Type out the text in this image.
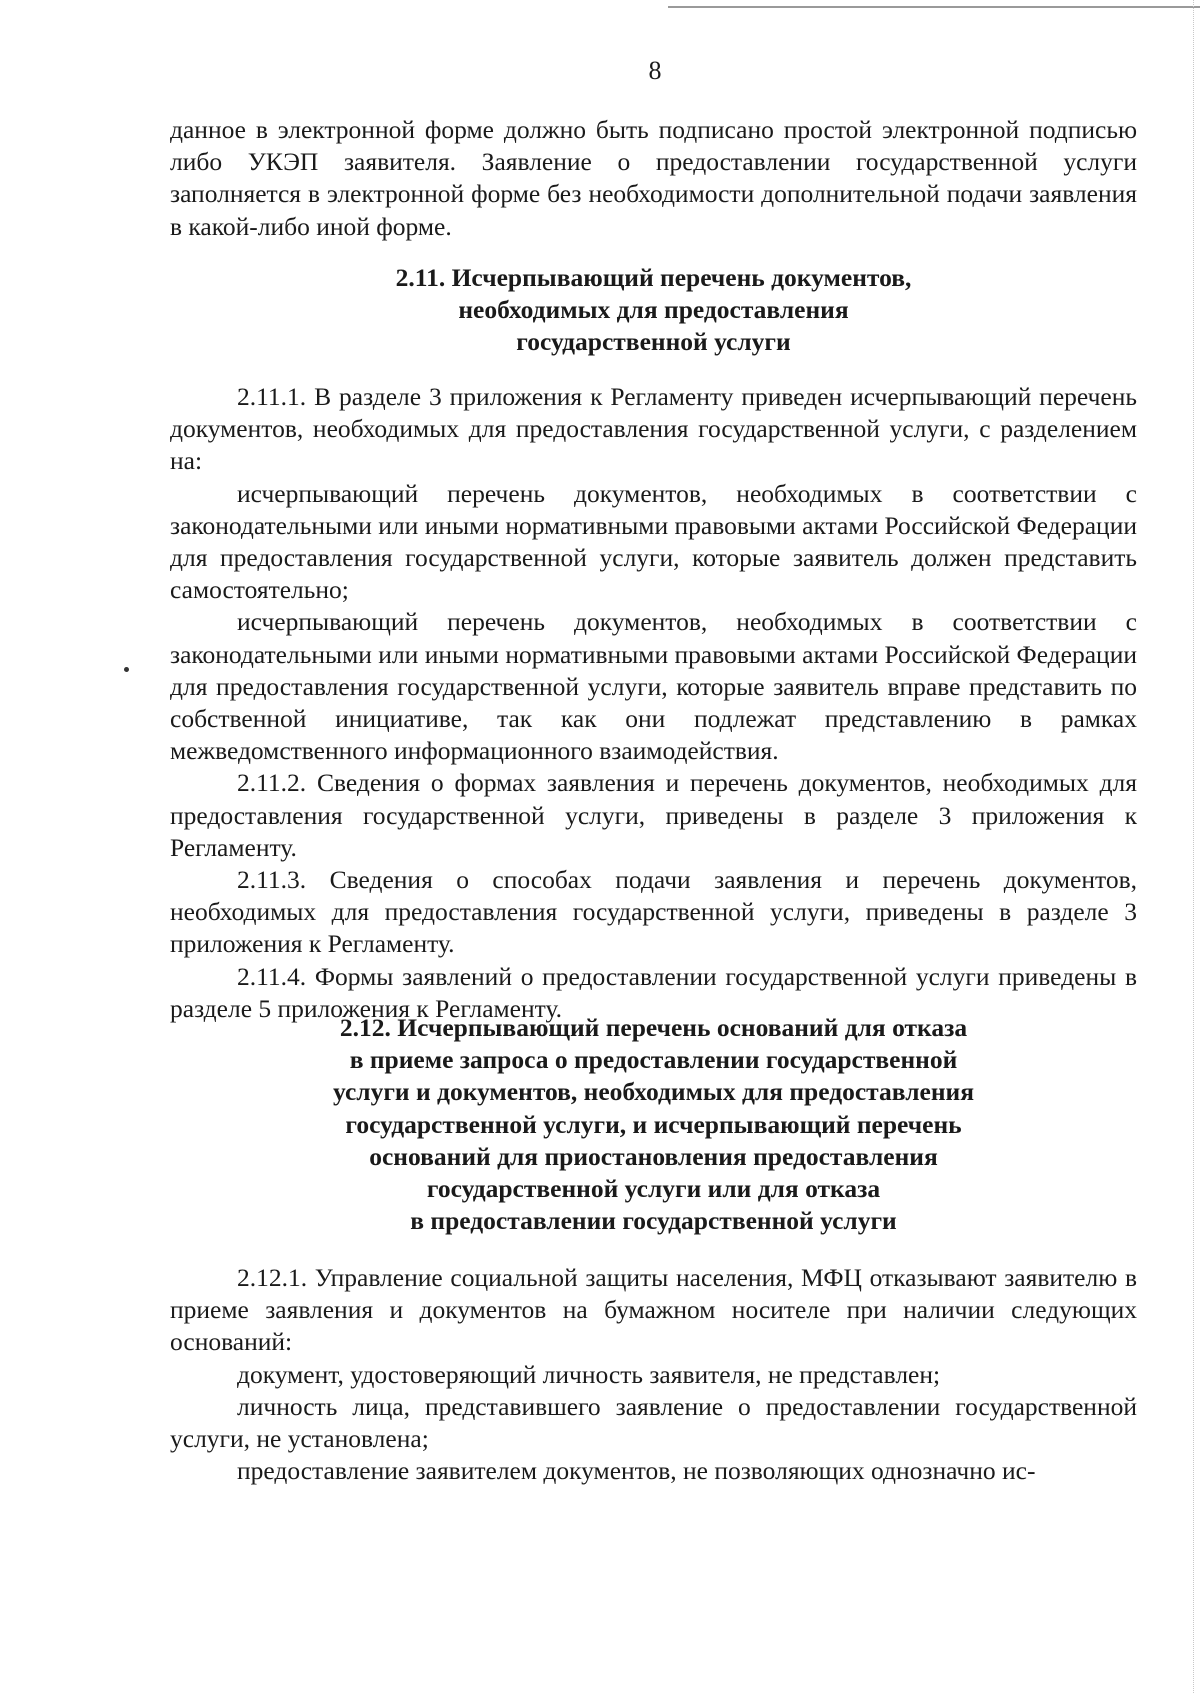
8

данное в электронной форме должно быть подписано простой электронной подписью либо УКЭП заявителя. Заявление о предоставлении государственной услуги заполняется в электронной форме без необходимости дополнительной подачи заявления в какой-либо иной форме.

2.11. Исчерпывающий перечень документов,
необходимых для предоставления
государственной услуги

2.11.1. В разделе 3 приложения к Регламенту приведен исчерпывающий перечень документов, необходимых для предоставления государственной услуги, с разделением на:

исчерпывающий перечень документов, необходимых в соответствии с законодательными или иными нормативными правовыми актами Российской Федерации для предоставления государственной услуги, которые заявитель должен представить самостоятельно;

исчерпывающий перечень документов, необходимых в соответствии с законодательными или иными нормативными правовыми актами Российской Федерации для предоставления государственной услуги, которые заявитель вправе представить по собственной инициативе, так как они подлежат представлению в рамках межведомственного информационного взаимодействия.

2.11.2. Сведения о формах заявления и перечень документов, необходимых для предоставления государственной услуги, приведены в разделе 3 приложения к Регламенту.

2.11.3. Сведения о способах подачи заявления и перечень документов, необходимых для предоставления государственной услуги, приведены в разделе 3 приложения к Регламенту.

2.11.4. Формы заявлений о предоставлении государственной услуги приведены в разделе 5 приложения к Регламенту.

2.12. Исчерпывающий перечень оснований для отказа
в приеме запроса о предоставлении государственной
услуги и документов, необходимых для предоставления
государственной услуги, и исчерпывающий перечень
оснований для приостановления предоставления
государственной услуги или для отказа
в предоставлении государственной услуги

2.12.1. Управление социальной защиты населения, МФЦ отказывают заявителю в приеме заявления и документов на бумажном носителе при наличии следующих оснований:

документ, удостоверяющий личность заявителя, не представлен;

личность лица, представившего заявление о предоставлении государственной услуги, не установлена;

предоставление заявителем документов, не позволяющих однозначно ис-
